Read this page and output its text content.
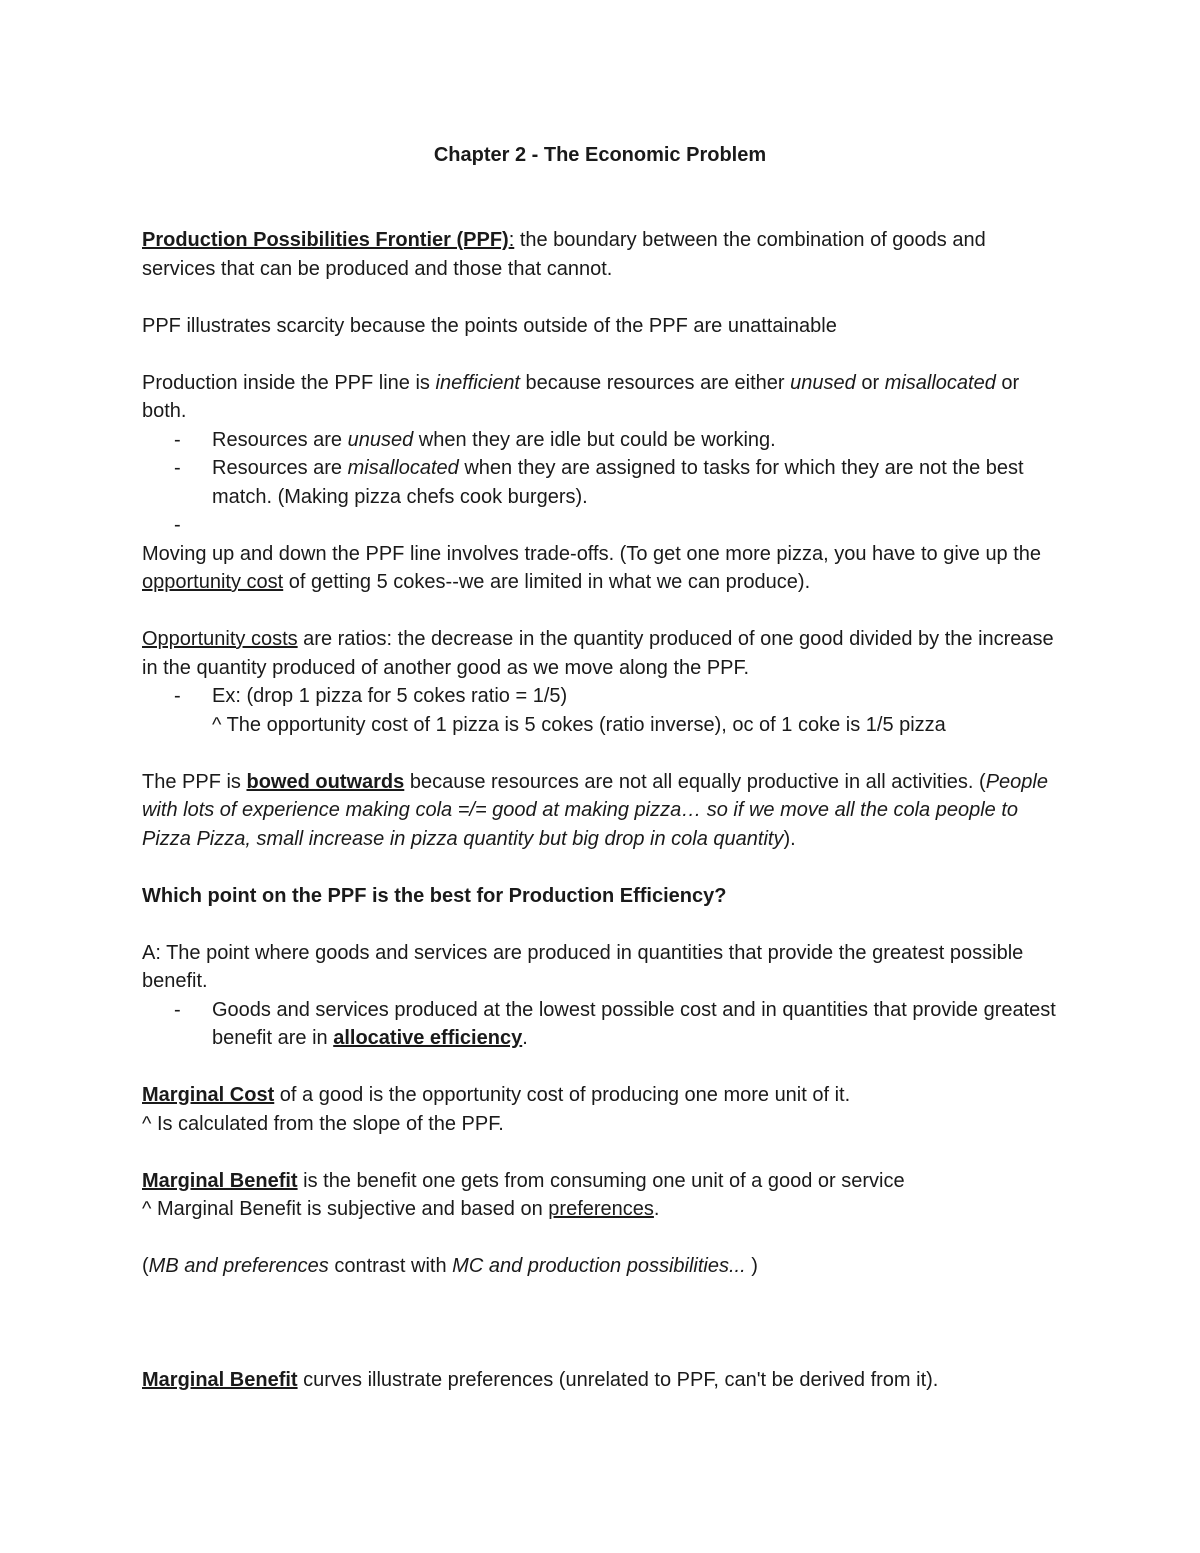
Chapter 2 - The Economic Problem

Production Possibilities Frontier (PPF): the boundary between the combination of goods and services that can be produced and those that cannot.

PPF illustrates scarcity because the points outside of the PPF are unattainable

Production inside the PPF line is inefficient because resources are either unused or misallocated or both.

- Resources are unused when they are idle but could be working.
- Resources are misallocated when they are assigned to tasks for which they are not the best match. (Making pizza chefs cook burgers).
-

Moving up and down the PPF line involves trade-offs. (To get one more pizza, you have to give up the opportunity cost of getting 5 cokes--we are limited in what we can produce).

Opportunity costs are ratios: the decrease in the quantity produced of one good divided by the increase in the quantity produced of another good as we move along the PPF.

- Ex: (drop 1 pizza for 5 cokes ratio = 1/5)

^ The opportunity cost of 1 pizza is 5 cokes (ratio inverse), oc of 1 coke is 1/5 pizza

The PPF is bowed outwards because resources are not all equally productive in all activities. (People with lots of experience making cola =/= good at making pizza… so if we move all the cola people to Pizza Pizza, small increase in pizza quantity but big drop in cola quantity).

Which point on the PPF is the best for Production Efficiency?

A: The point where goods and services are produced in quantities that provide the greatest possible benefit.

- Goods and services produced at the lowest possible cost and in quantities that provide greatest benefit are in allocative efficiency.

Marginal Cost of a good is the opportunity cost of producing one more unit of it.

^ Is calculated from the slope of the PPF.

Marginal Benefit is the benefit one gets from consuming one unit of a good or service

^ Marginal Benefit is subjective and based on preferences.

(MB and preferences contrast with MC and production possibilities... )

Marginal Benefit curves illustrate preferences (unrelated to PPF, can't be derived from it).
